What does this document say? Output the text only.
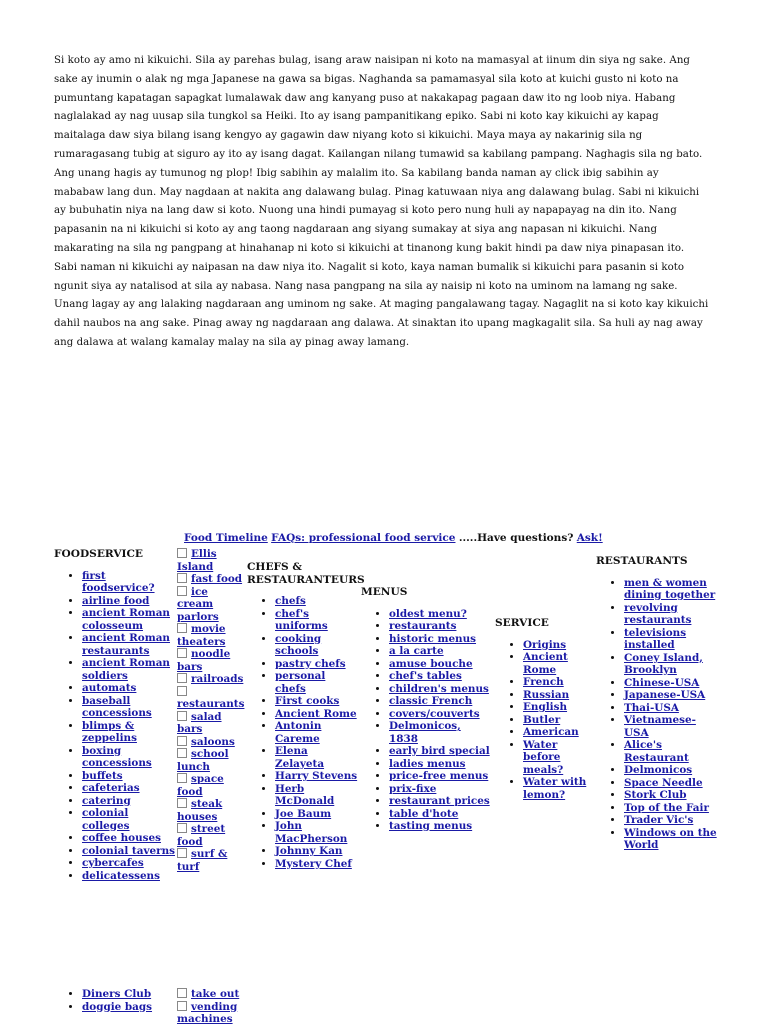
Si koto ay amo ni kikuichi. Sila ay parehas bulag, isang araw naisipan ni koto na mamasyal at iinum din siya ng sake. Ang
sake ay inumin o alak ng mga Japanese na gawa sa bigas. Naghanda sa pamamasyal sila koto at kuichi gusto ni koto na
pumuntang kapatagan sapagkat lumalawak daw ang kanyang puso at nakakapag pagaan daw ito ng loob niya. Habang
naglalakad ay nag uusap sila tungkol sa Heiki. Ito ay isang pampanitikang epiko. Sabi ni koto kay kikuichi ay kapag
maitalaga daw siya bilang isang kengyo ay gagawin daw niyang koto si kikuichi. Maya maya ay nakarinig sila ng
rumaragasang tubig at siguro ay ito ay isang dagat. Kailangan nilang tumawid sa kabilang pampang. Naghagis sila ng bato.
Ang unang hagis ay tumunog ng plop! Ibig sabihin ay malalim ito. Sa kabilang banda naman ay click ibig sabihin ay
mababaw lang dun. May nagdaan at nakita ang dalawang bulag. Pinag katuwaan niya ang dalawang bulag. Sabi ni kikuichi
ay bubuhatin niya na lang daw si koto. Nuong una hindi pumayag si koto pero nung huli ay napapayag na din ito. Nang
papasanin na ni kikuichi si koto ay ang taong nagdaraan ang siyang sumakay at siya ang napasan ni kikuichi. Nang
makarating na sila ng pangpang at hinahanap ni koto si kikuichi at tinanong kung bakit hindi pa daw niya pinapasan ito.
Sabi naman ni kikuichi ay naipasan na daw niya ito. Nagalit si koto, kaya naman bumalik si kikuichi para pasanin si koto
ngunit siya ay natalisod at sila ay nabasa. Nang nasa pangpang na sila ay naisip ni koto na uminom na lamang ng sake.
Unang lagay ay ang lalaking nagdaraan ang uminom ng sake. At maging pangalawang tagay. Nagaglit na si koto kay kikuichi
dahil naubos na ang sake. Pinag away ng nagdaraan ang dalawa. At sinaktan ito upang magkagalit sila. Sa huli ay nag away
ang dalawa at walang kamalay malay na sila ay pinag away lamang.
Food Timeline FAQs: professional food service .....Have questions? Ask!

FOODSERVICE

• first foodservice?
• airline food
• ancient Roman colosseum
• ancient Roman restaurants
• ancient Roman soldiers
• automats
• baseball concessions
• blimps & zeppelins
• boxing concessions
• buffets
• cafeterias
• catering
• colonial colleges
• coffee houses
• colonial taverns
• cybercafes
• delicatessens
• Diners Club
• doggie bags
Ellis Island
fast food
ice cream parlors
movie theaters
noodle bars
railroads
restaurants
salad bars
saloons
school lunch
space food
steak houses
street food
surf & turf
take out
vending machines

CHEFS & RESTAURANTEURS

• chefs
• chef's uniforms
• cooking schools
• pastry chefs
• personal chefs
• First cooks
• Ancient Rome
• Antonin Careme
• Elena Zelayeta
• Harry Stevens
• Herb McDonald
• Joe Baum
• John MacPherson
• Johnny Kan
• Mystery Chef

MENUS

• oldest menu?
• restaurants
• historic menus
• a la carte
• amuse bouche
• chef's tables
• children's menus
• classic French
• covers/couverts
• Delmonicos, 1838
• early bird special
• ladies menus
• price-free menus
• prix-fixe
• restaurant prices
• table d'hote
• tasting menus

SERVICE

• Origins
• Ancient Rome
• French
• Russian
• English
• Butler
• American
• Water before meals?
• Water with lemon?

RESTAURANTS

• men & women dining together
• revolving restaurants
• televisions installed
• Coney Island, Brooklyn
• Chinese-USA
• Japanese-USA
• Thai-USA
• Vietnamese-USA
• Alice's Restaurant
• Delmonicos
• Space Needle
• Stork Club
• Top of the Fair
• Trader Vic's
• Windows on the World
